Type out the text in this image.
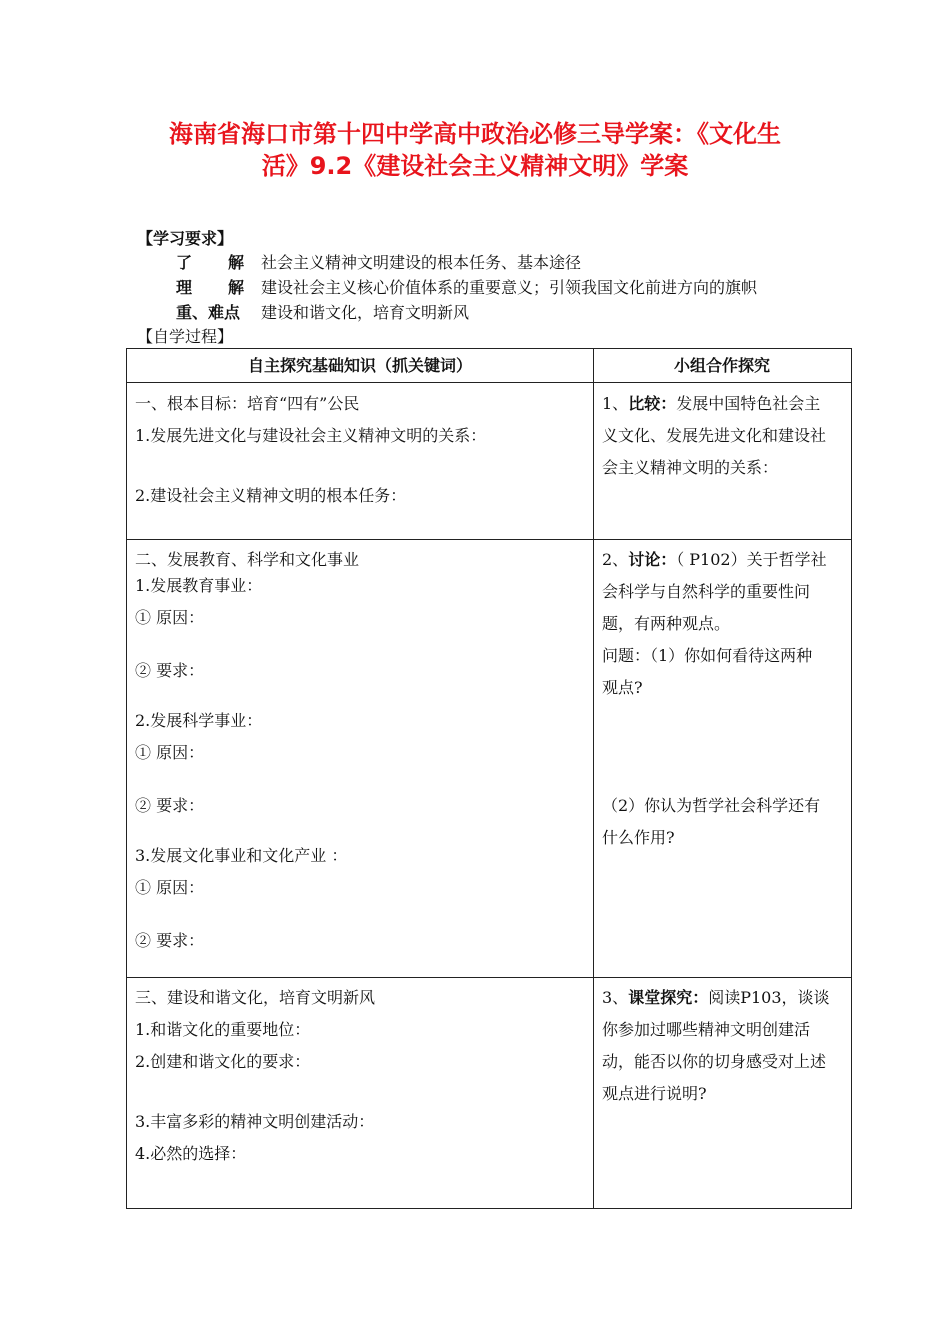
海南省海口市第十四中学高中政治必修三导学案：《文化生
活》9.2《建设社会主义精神文明》学案
【学习要求】
了 解 社会主义精神文明建设的根本任务、基本途径
理 解 建设社会主义核心价值体系的重要意义；引领我国文化前进方向的旗帜
重、难点	建设和谐文化，培育文明新风
【自学过程】
自主探究基础知识（抓关键词）	小组合作探究
一、根本目标：培育“四有”公民
1.发展先进文化与建设社会主义精神文明的关系：
2.建设社会主义精神文明的根本任务：
1、比较：发展中国特色社会主
义文化、发展先进文化和建设社
会主义精神文明的关系：
二、发展教育、科学和文化事业
1.发展教育事业：
① 原因：
② 要求：
2.发展科学事业：
① 原因：
② 要求：
3.发展文化事业和文化产业 ：
① 原因：
② 要求：
2、讨论：（ P102）关于哲学社
会科学与自然科学的重要性问
题，有两种观点。
问题：（1）你如何看待这两种
观点?
（2）你认为哲学社会科学还有
什么作用?
三、建设和谐文化，培育文明新风
1.和谐文化的重要地位：
2.创建和谐文化的要求：
3.丰富多彩的精神文明创建活动：
4.必然的选择：
3、课堂探究：阅读P103，谈谈
你参加过哪些精神文明创建活
动，能否以你的切身感受对上述
观点进行说明?
